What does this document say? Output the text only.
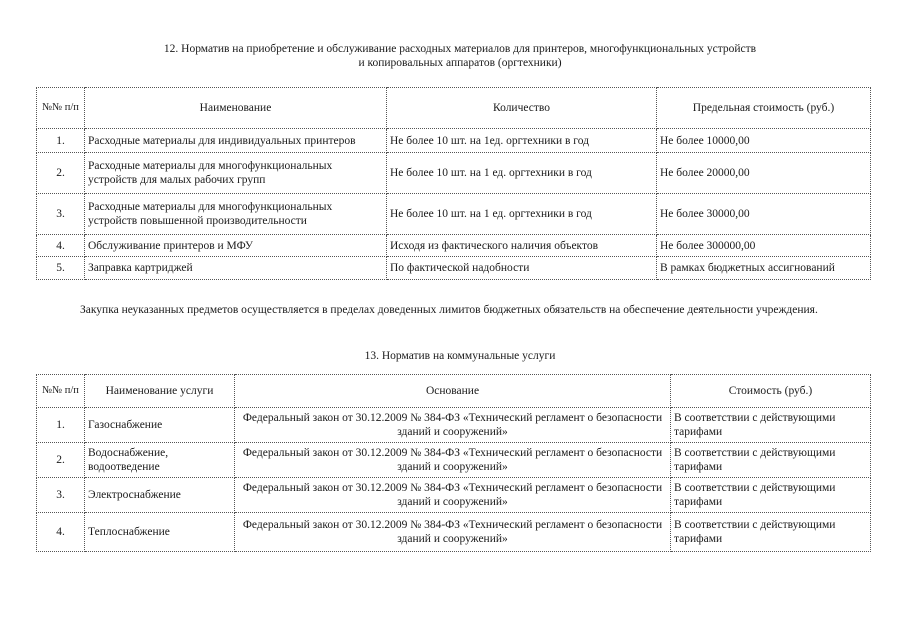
12. Норматив на приобретение и обслуживание расходных материалов для принтеров, многофункциональных устройств
и копировальных аппаратов (оргтехники)
№№ п/п	Наименование	Количество	Предельная стоимость (руб.)
1.	Расходные материалы для индивидуальных принтеров	Не более 10 шт. на 1ед. оргтехники в год	Не более 10000,00
2.	Расходные материалы для многофункциональных устройств для малых рабочих групп	Не более 10 шт. на 1 ед. оргтехники в год	Не более 20000,00
3.	Расходные материалы для многофункциональных устройств повышенной производительности	Не более 10 шт. на 1 ед. оргтехники в год	Не более 30000,00
4.	Обслуживание принтеров и МФУ	Исходя из фактического наличия объектов	Не более 300000,00
5.	Заправка картриджей	По фактической надобности	В рамках бюджетных ассигнований
Закупка неуказанных предметов осуществляется в пределах доведенных лимитов бюджетных обязательств на обеспечение деятельности учреждения.
13. Норматив на коммунальные услуги
№№ п/п	Наименование услуги	Основание	Стоимость (руб.)
1.	Газоснабжение	Федеральный закон от 30.12.2009 № 384-ФЗ «Технический регламент о безопасности зданий и сооружений»	В соответствии с действующими тарифами
2.	Водоснабжение, водоотведение	Федеральный закон от 30.12.2009 № 384-ФЗ «Технический регламент о безопасности зданий и сооружений»	В соответствии с действующими тарифами
3.	Электроснабжение	Федеральный закон от 30.12.2009 № 384-ФЗ «Технический регламент о безопасности зданий и сооружений»	В соответствии с действующими тарифами
4.	Теплоснабжение	Федеральный закон от 30.12.2009 № 384-ФЗ «Технический регламент о безопасности зданий и сооружений»	В соответствии с действующими тарифами
